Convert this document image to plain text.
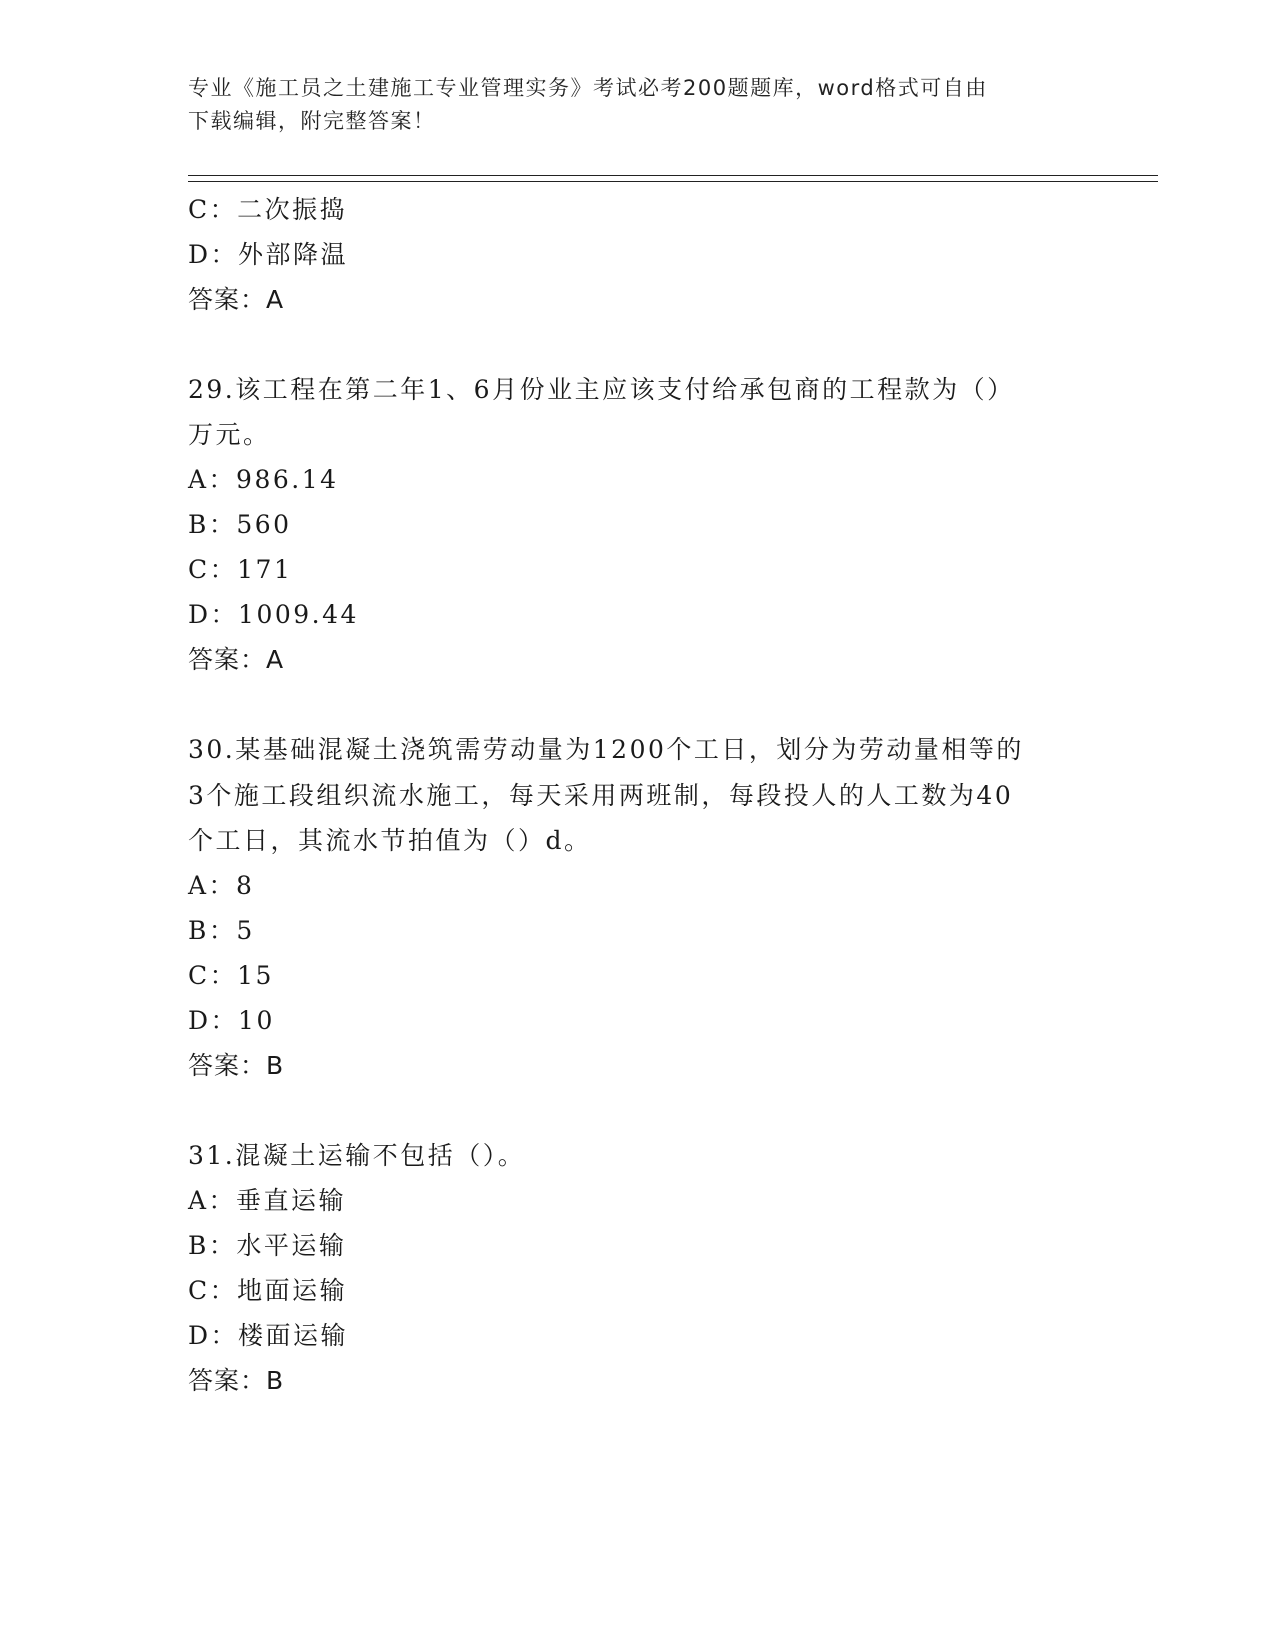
专业《施工员之土建施工专业管理实务》考试必考200题题库，word格式可自由
下载编辑，附完整答案！
C：二次振捣
D：外部降温
答案：A
29.该工程在第二年1、6月份业主应该支付给承包商的工程款为（）
万元。
A：986.14
B：560
C：171
D：1009.44
答案：A
30.某基础混凝土浇筑需劳动量为1200个工日，划分为劳动量相等的
3个施工段组织流水施工，每天采用两班制，每段投人的人工数为40
个工日，其流水节拍值为（）d。
A：8
B：5
C：15
D：10
答案：B
31.混凝土运输不包括（）。
A：垂直运输
B：水平运输
C：地面运输
D：楼面运输
答案：B
